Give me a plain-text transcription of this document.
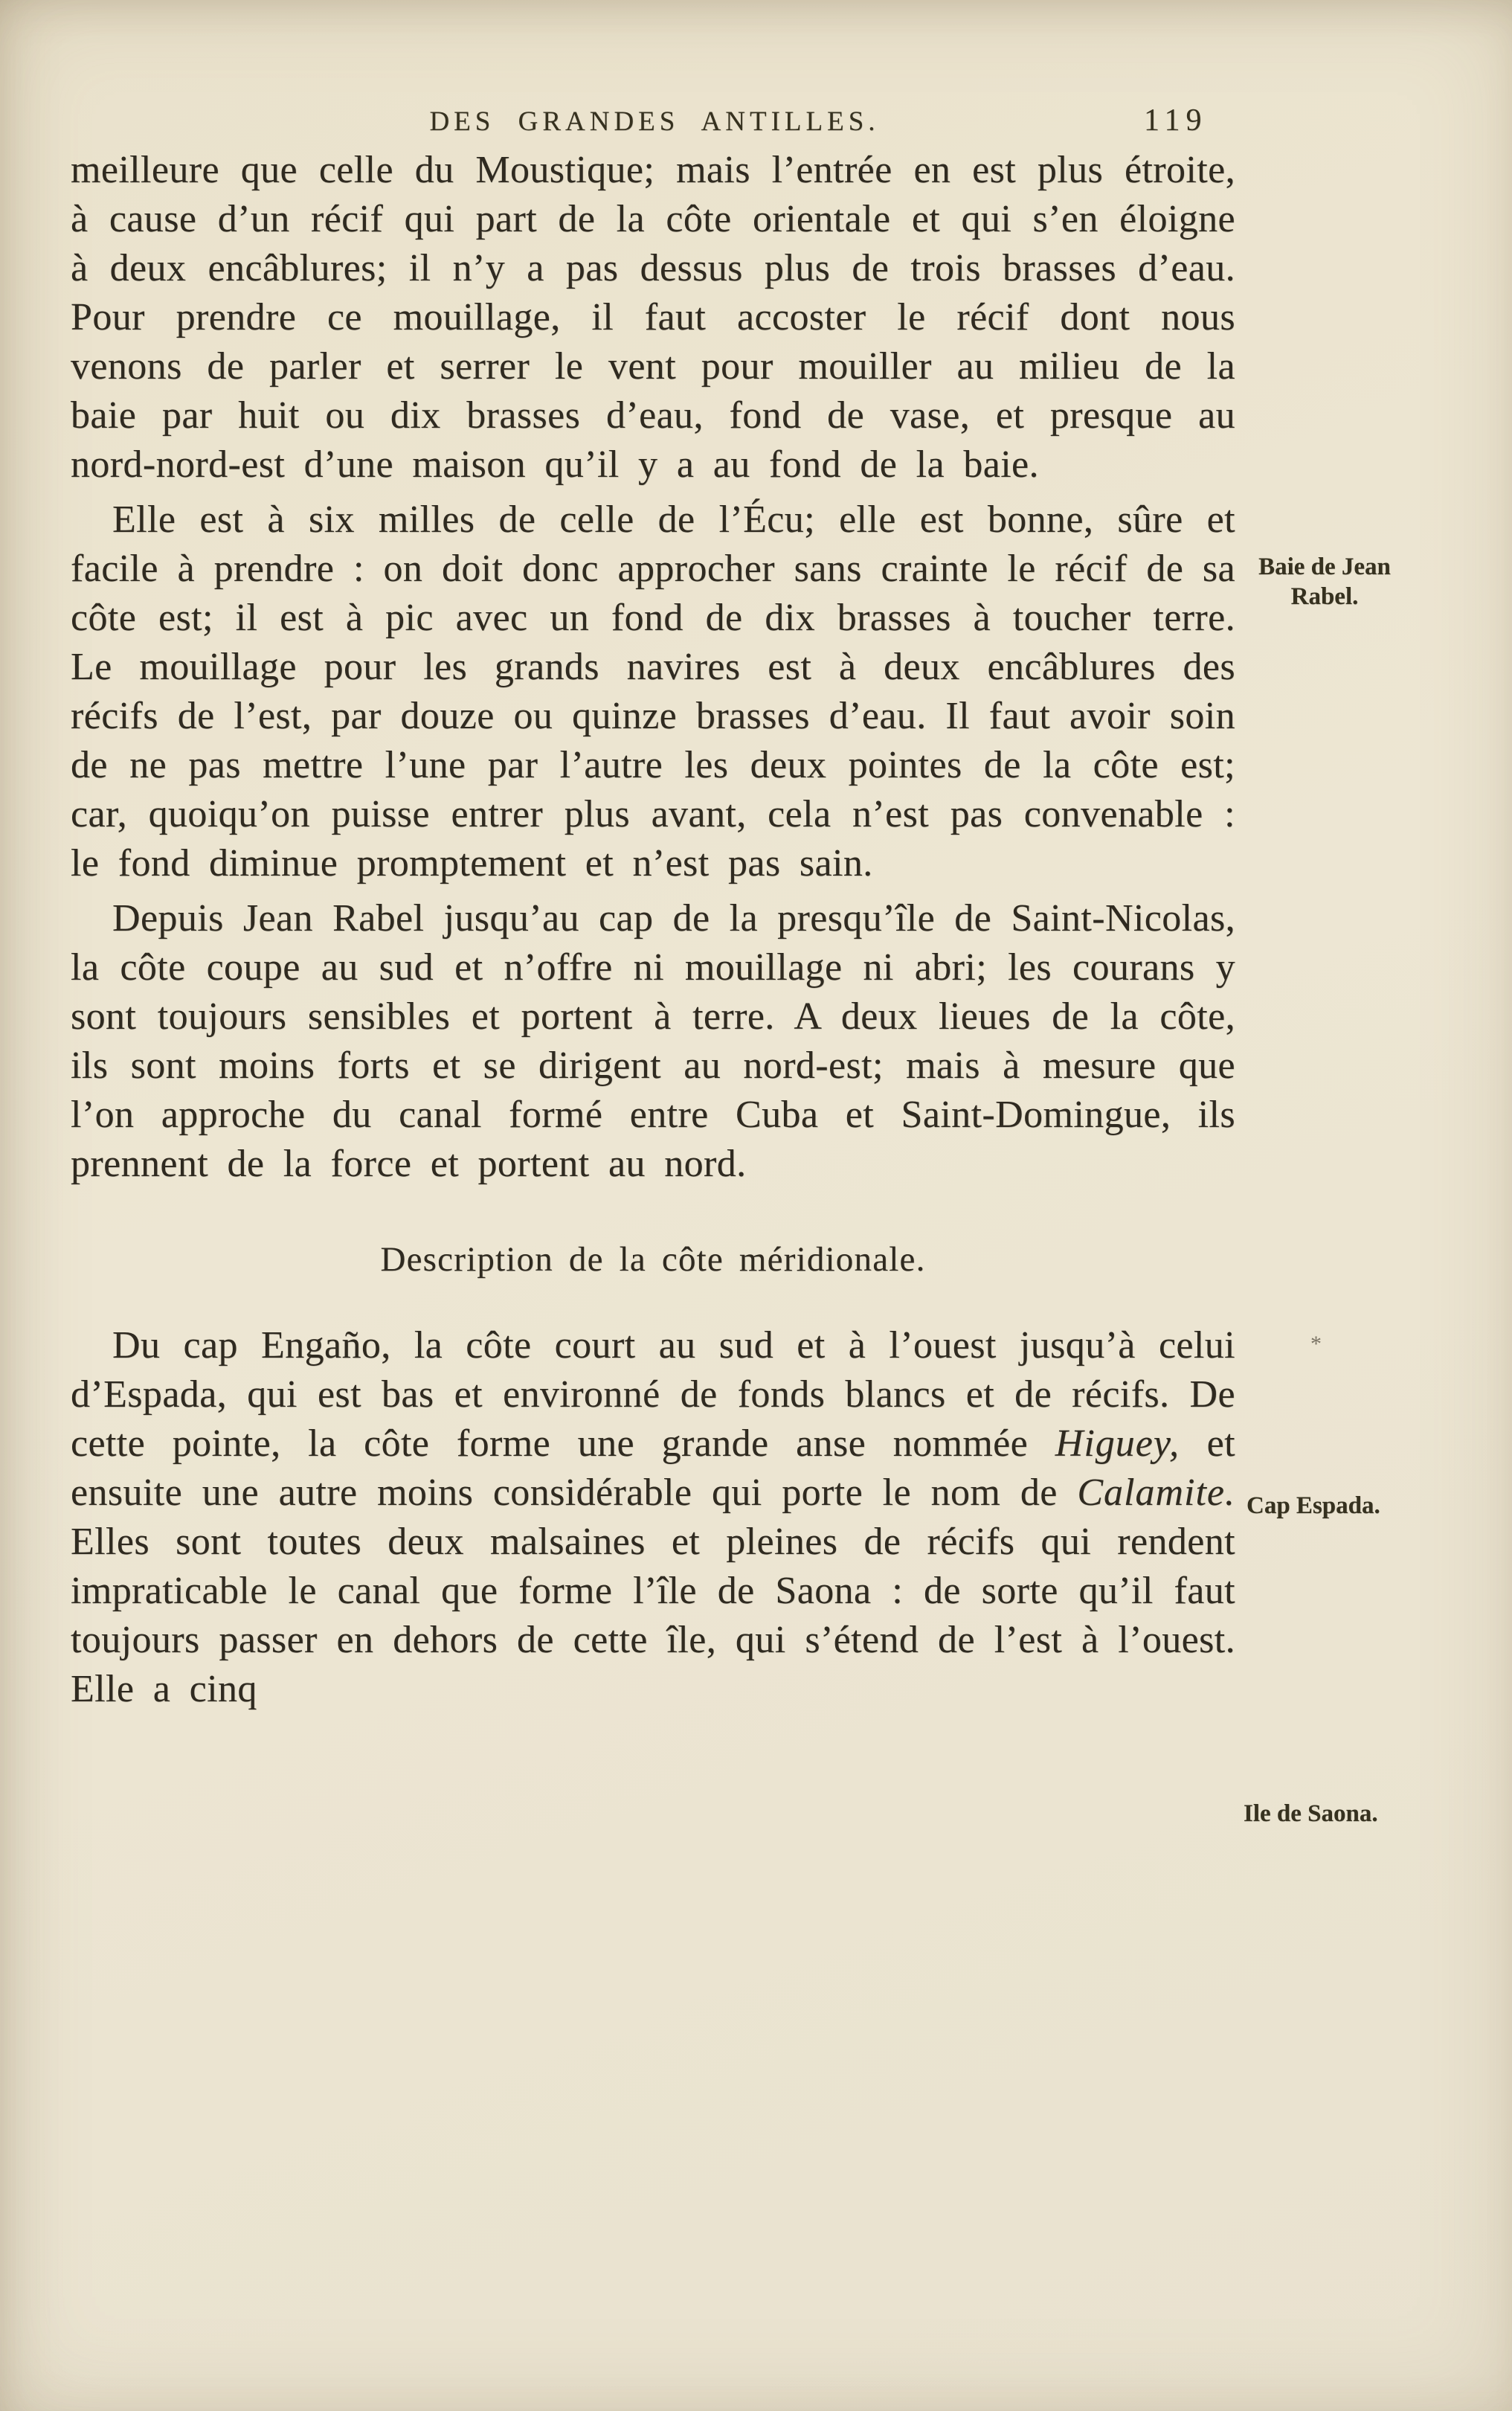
DES GRANDES ANTILLES.	119

meilleure que celle du Moustique; mais l’entrée en est plus étroite, à cause d’un récif qui part de la côte orientale et qui s’en éloigne à deux encâblures; il n’y a pas dessus plus de trois brasses d’eau. Pour prendre ce mouillage, il faut accoster le récif dont nous venons de parler et serrer le vent pour mouiller au milieu de la baie par huit ou dix brasses d’eau, fond de vase, et presque au nord-nord-est d’une maison qu’il y a au fond de la baie.

Elle est à six milles de celle de l’Écu; elle est bonne, sûre et facile à prendre : on doit donc approcher sans crainte le récif de sa côte est; il est à pic avec un fond de dix brasses à toucher terre. Le mouillage pour les grands navires est à deux encâblures des récifs de l’est, par douze ou quinze brasses d’eau. Il faut avoir soin de ne pas mettre l’une par l’autre les deux pointes de la côte est; car, quoiqu’on puisse entrer plus avant, cela n’est pas convenable : le fond diminue promptement et n’est pas sain.

Depuis Jean Rabel jusqu’au cap de la presqu’île de Saint-Nicolas, la côte coupe au sud et n’offre ni mouillage ni abri; les courans y sont toujours sensibles et portent à terre. A deux lieues de la côte, ils sont moins forts et se dirigent au nord-est; mais à mesure que l’on approche du canal formé entre Cuba et Saint-Domingue, ils prennent de la force et portent au nord.

Description de la côte méridionale.

Du cap Engaño, la côte court au sud et à l’ouest jusqu’à celui d’Espada, qui est bas et environné de fonds blancs et de récifs. De cette pointe, la côte forme une grande anse nommée Higuey, et ensuite une autre moins considérable qui porte le nom de Calamite. Elles sont toutes deux malsaines et pleines de récifs qui rendent impraticable le canal que forme l’île de Saona : de sorte qu’il faut toujours passer en dehors de cette île, qui s’étend de l’est à l’ouest. Elle a cinq

Baie de Jean Rabel.
Cap Espada.
Ile de Saona.
*
